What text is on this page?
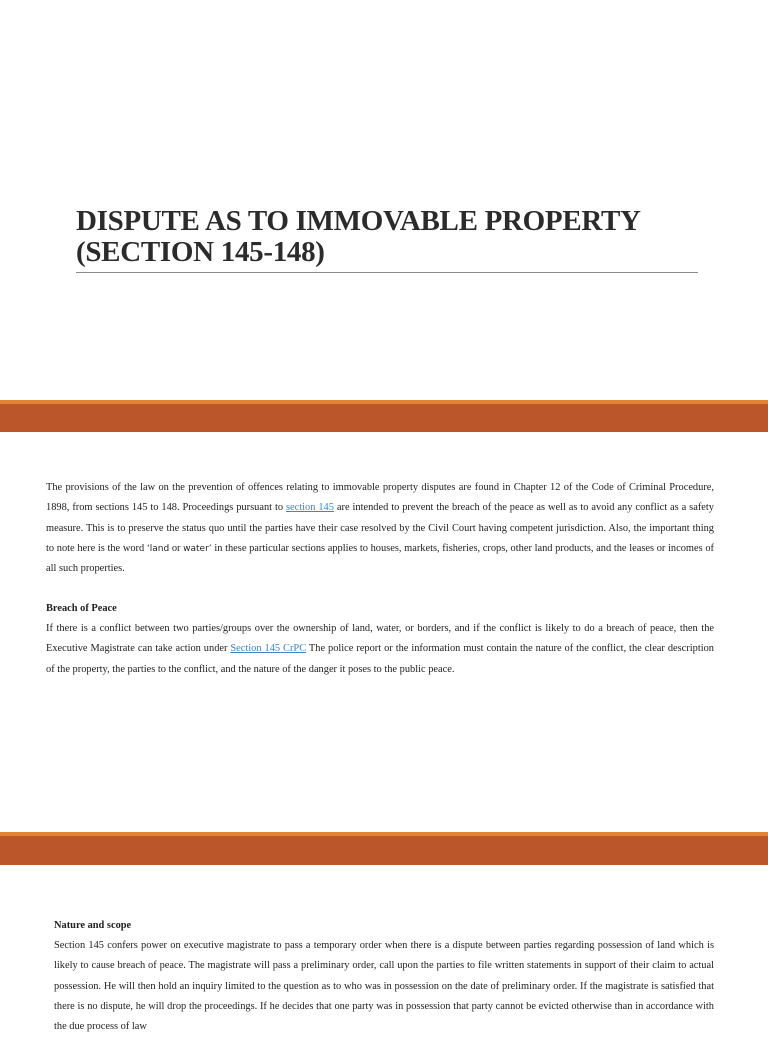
DISPUTE AS TO IMMOVABLE PROPERTY
(SECTION 145-148)

The provisions of the law on the prevention of offences relating to immovable property disputes are found in Chapter 12 of the Code of Criminal Procedure, 1898, from sections 145 to 148. Proceedings pursuant to section 145 are intended to prevent the breach of the peace as well as to avoid any conflict as a safety measure. This is to preserve the status quo until the parties have their case resolved by the Civil Court having competent jurisdiction. Also, the important thing to note here is the word ‘land or water’ in these particular sections applies to houses, markets, fisheries, crops, other land products, and the leases or incomes of all such properties.

Breach of Peace

If there is a conflict between two parties/groups over the ownership of land, water, or borders, and if the conflict is likely to do a breach of peace, then the Executive Magistrate can take action under Section 145 CrPC The police report or the information must contain the nature of the conflict, the clear description of the property, the parties to the conflict, and the nature of the danger it poses to the public peace.

Nature and scope

Section 145 confers power on executive magistrate to pass a temporary order when there is a dispute between parties regarding possession of land which is likely to cause breach of peace. The magistrate will pass a preliminary order, call upon the parties to file written statements in support of their claim to actual possession. He will then hold an inquiry limited to the question as to who was in possession on the date of preliminary order. If the magistrate is satisfied that there is no dispute, he will drop the proceedings. If he decides that one party was in possession that party cannot be evicted otherwise than in accordance with the due process of law
